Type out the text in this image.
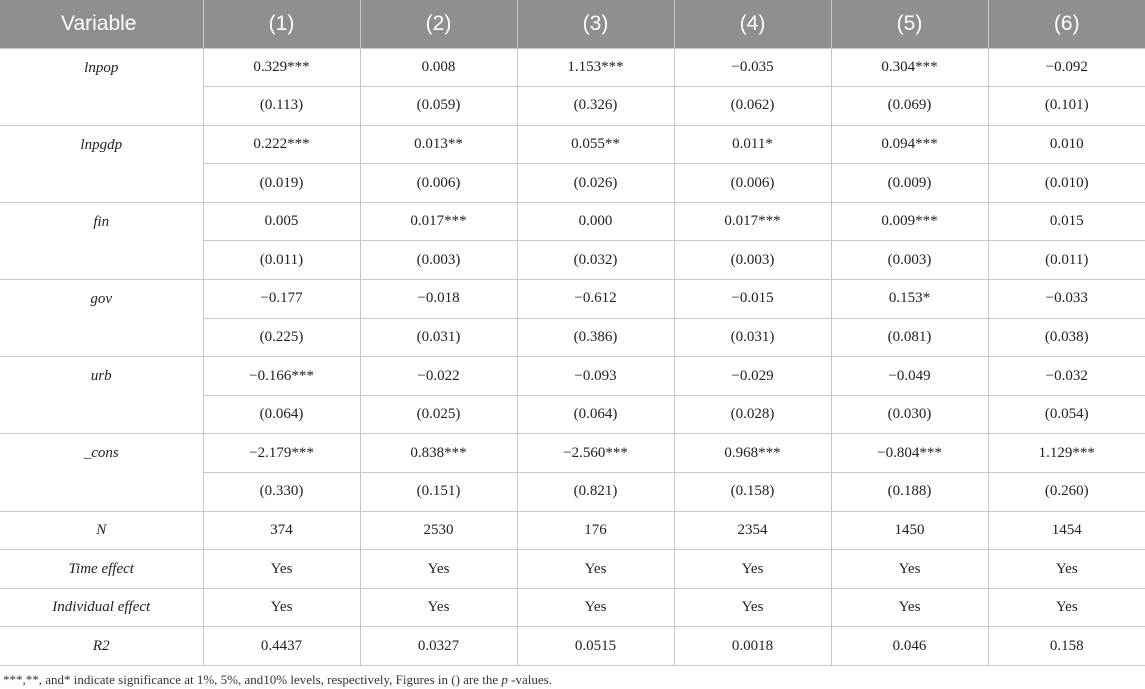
Variable	(1)	(2)	(3)	(4)	(5)	(6)
lnpop	0.329***	0.008	1.153***	−0.035	0.304***	−0.092
	(0.113)	(0.059)	(0.326)	(0.062)	(0.069)	(0.101)
lnpgdp	0.222***	0.013**	0.055**	0.011*	0.094***	0.010
	(0.019)	(0.006)	(0.026)	(0.006)	(0.009)	(0.010)
fin	0.005	0.017***	0.000	0.017***	0.009***	0.015
	(0.011)	(0.003)	(0.032)	(0.003)	(0.003)	(0.011)
gov	−0.177	−0.018	−0.612	−0.015	0.153*	−0.033
	(0.225)	(0.031)	(0.386)	(0.031)	(0.081)	(0.038)
urb	−0.166***	−0.022	−0.093	−0.029	−0.049	−0.032
	(0.064)	(0.025)	(0.064)	(0.028)	(0.030)	(0.054)
_cons	−2.179***	0.838***	−2.560***	0.968***	−0.804***	1.129***
	(0.330)	(0.151)	(0.821)	(0.158)	(0.188)	(0.260)
N	374	2530	176	2354	1450	1454
Time effect	Yes	Yes	Yes	Yes	Yes	Yes
Individual effect	Yes	Yes	Yes	Yes	Yes	Yes
R2	0.4437	0.0327	0.0515	0.0018	0.046	0.158
***,**, and* indicate significance at 1%, 5%, and10% levels, respectively, Figures in () are the p -values.
